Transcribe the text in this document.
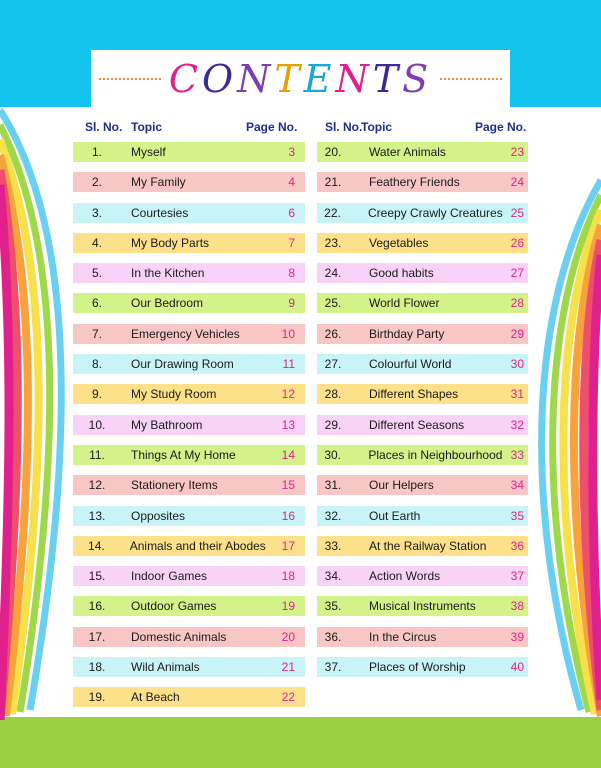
C O N T E N T S
Sl. No. Topic	Page No. Sl. No.
Topic	Page No.
1.	Myself	3
2.	My Family	4
3.	Courtesies	6
4.	My Body Parts	7
5.	In the Kitchen	8
6.	Our Bedroom	9
7.	Emergency Vehicles	10
8.	Our Drawing Room	11
9.	My Study Room	12
10.	My Bathroom	13
11.	Things At My Home	14
12.	Stationery Items	15
13.	Opposites	16
14.	Animals and their Abodes	17
15.	Indoor Games	18
16.	Outdoor Games	19
17.	Domestic Animals	20
18.	Wild Animals	21
19.	At Beach	22
20.	Water Animals	23
21.	Feathery Friends	24
22.	Creepy Crawly Creatures 25
23.	Vegetables	26
24.	Good habits	27
25.	World Flower	28
26.	Birthday Party	29
27.	Colourful World	30
28.	Different Shapes	31
29.	Different Seasons	32
30.	Places in Neighbourhood 33
31.	Our Helpers	34
32.	Out Earth	35
33.	At the Railway Station	36
34.	Action Words	37
35.	Musical Instruments	38
36.	In the Circus	39
37.	Places of Worship	40
